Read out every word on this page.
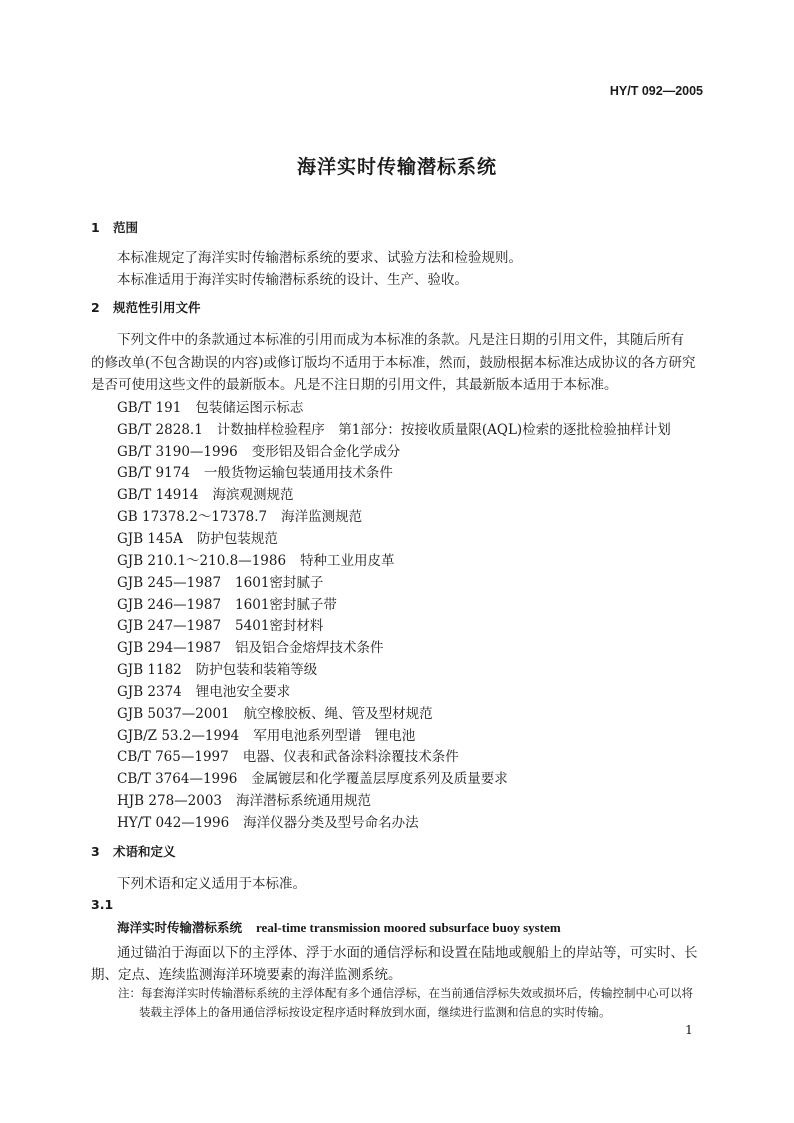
HY/T 092—2005
海洋实时传输潜标系统
1 范围
本标准规定了海洋实时传输潜标系统的要求、试验方法和检验规则。
本标准适用于海洋实时传输潜标系统的设计、生产、验收。
2 规范性引用文件
下列文件中的条款通过本标准的引用而成为本标准的条款。凡是注日期的引用文件，其随后所有
的修改单(不包含勘误的内容)或修订版均不适用于本标准，然而，鼓励根据本标准达成协议的各方研究
是否可使用这些文件的最新版本。凡是不注日期的引用文件，其最新版本适用于本标准。
GB/T 191 包装储运图示标志
GB/T 2828.1 计数抽样检验程序　第1部分：按接收质量限(AQL)检索的逐批检验抽样计划
GB/T 3190—1996 变形铝及铝合金化学成分
GB/T 9174 一般货物运输包装通用技术条件
GB/T 14914 海滨观测规范
GB 17378.2～17378.7 海洋监测规范
GJB 145A 防护包装规范
GJB 210.1～210.8—1986 特种工业用皮革
GJB 245—1987 1601密封腻子
GJB 246—1987 1601密封腻子带
GJB 247—1987 5401密封材料
GJB 294—1987 铝及铝合金熔焊技术条件
GJB 1182 防护包装和装箱等级
GJB 2374 锂电池安全要求
GJB 5037—2001 航空橡胶板、绳、管及型材规范
GJB/Z 53.2—1994 军用电池系列型谱　锂电池
CB/T 765—1997 电器、仪表和武备涂料涂覆技术条件
CB/T 3764—1996 金属镀层和化学覆盖层厚度系列及质量要求
HJB 278—2003 海洋潜标系统通用规范
HY/T 042—1996 海洋仪器分类及型号命名办法
3 术语和定义
下列术语和定义适用于本标准。
3.1
海洋实时传输潜标系统 real-time transmission moored subsurface buoy system
通过锚泊于海面以下的主浮体、浮于水面的通信浮标和设置在陆地或舰船上的岸站等，可实时、长
期、定点、连续监测海洋环境要素的海洋监测系统。
注：每套海洋实时传输潜标系统的主浮体配有多个通信浮标，在当前通信浮标失效或损坏后，传输控制中心可以将
装载主浮体上的备用通信浮标按设定程序适时释放到水面，继续进行监测和信息的实时传输。
1
